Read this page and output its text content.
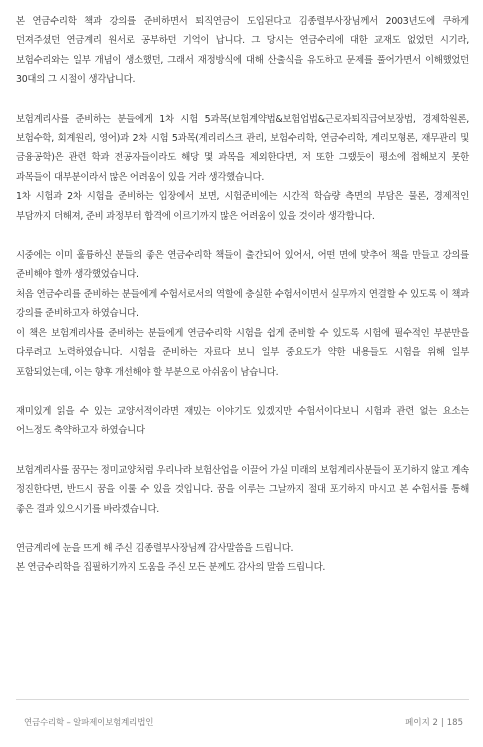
본 연금수리학 책과 강의를 준비하면서 퇴직연금이 도입된다고 김종렬부사장님께서 2003년도에 쿠하게 던져주셨던 연금계리 원서로 공부하던 기억이 납니다. 그 당시는 연금수리에 대한 교재도 없었던 시기라, 보험수리와는 일부 개념이 생소했던, 그래서 재정방식에 대해 산출식을 유도하고 문제를 풀어가면서 이해했었던 30대의 그 시절이 생각납니다.

보험계리사를 준비하는 분들에게 1차 시험 5과목(보험계약법&보험업법&근로자퇴직급여보장법, 경제학원론, 보험수학, 회계원리, 영어)과 2차 시험 5과목(계리리스크 관리, 보험수리학, 연금수리학, 계리모형론, 재무관리 및 금융공학)은 관련 학과 전공자들이라도 해당 몇 과목을 제외한다면, 저 또한 그랬듯이 평소에 접해보지 못한 과목들이 대부분이라서 많은 어려움이 있을 거라 생각했습니다.

1차 시험과 2차 시험을 준비하는 입장에서 보면, 시험준비에는 시간적 학습량 측면의 부담은 물론, 경제적인 부담까지 더해져, 준비 과정부터 합격에 이르기까지 많은 어려움이 있을 것이라 생각합니다.

시중에는 이미 훌륭하신 분들의 좋은 연금수리학 책들이 출간되어 있어서, 어떤 면에 맞추어 책을 만들고 강의를 준비해야 할까 생각했었습니다.

처음 연금수리를 준비하는 분들에게 수험서로서의 역할에 충실한 수험서이면서 실무까지 연결할 수 있도록 이 책과 강의를 준비하고자 하였습니다.

이 책은 보험계리사를 준비하는 분들에게 연금수리학 시험을 쉽게 준비할 수 있도록 시험에 필수적인 부분만을 다루려고 노력하였습니다. 시험을 준비하는 자료다 보니 일부 중요도가 약한 내용들도 시험을 위해 일부 포함되었는데, 이는 향후 개선해야 할 부분으로 아쉬움이 남습니다.

재미있게 읽을 수 있는 교양서적이라면 재밌는 이야기도 있겠지만 수험서이다보니 시험과 관련 없는 요소는 어느정도 축약하고자 하였습니다

보험계리사를 꿈꾸는 정미교양처럼 우리나라 보험산업을 이끌어 가실 미래의 보험계리사분들이 포기하지 않고 계속 정진한다면, 반드시 꿈을 이룰 수 있을 것입니다. 꿈을 이루는 그날까지 절대 포기하지 마시고 본 수험서를 통해 좋은 결과 있으시기를 바라겠습니다.

연금계리에 눈을 뜨게 해 주신 김종렬부사장님께 감사말씀을 드립니다.

본 연금수리학을 집필하기까지 도움을 주신 모든 분께도 감사의 말씀 드립니다.

연금수리학 – 알파제이보험계리법인	페이지 2 | 185
